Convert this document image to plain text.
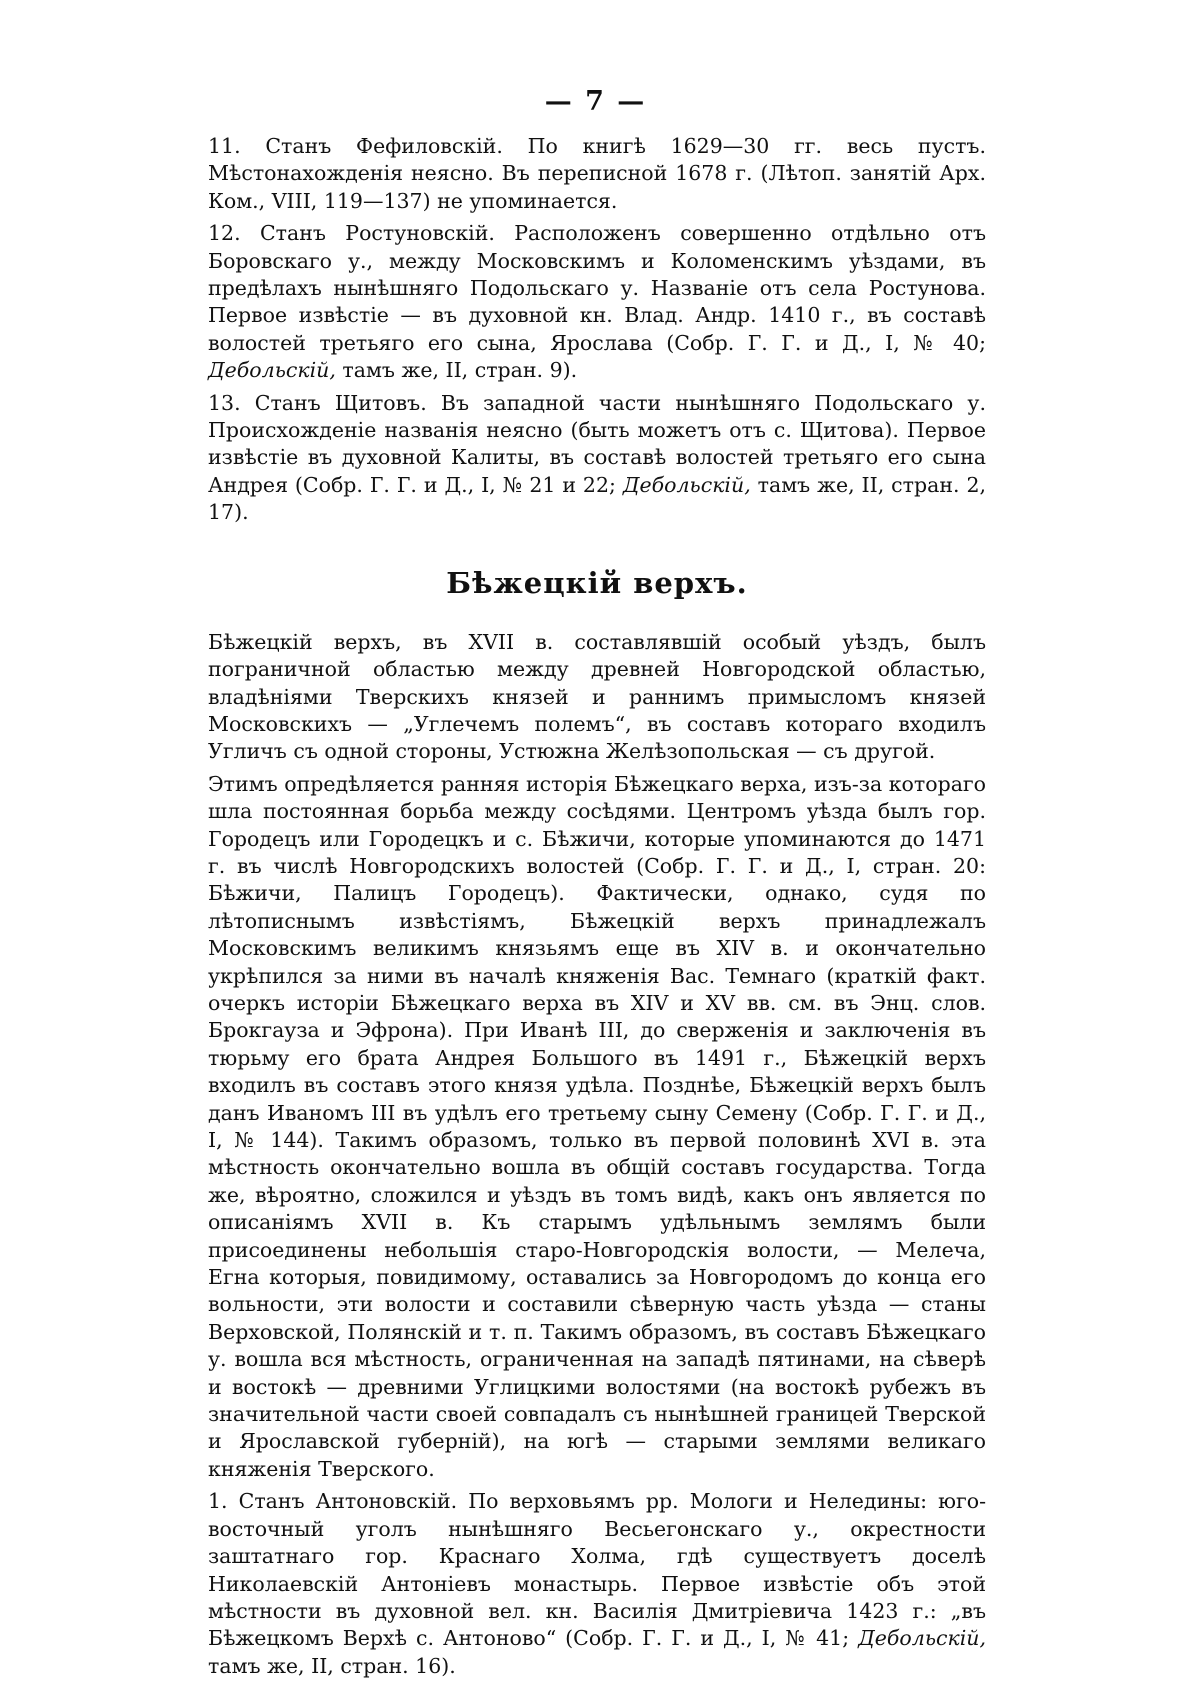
— 7 —

11. Станъ Фефиловскій. По книгѣ 1629—30 гг. весь пустъ. Мѣстонахожденія неясно. Въ переписной 1678 г. (Лѣтоп. занятій Арх. Ком., VIII, 119—137) не упоминается.

12. Станъ Ростуновскій. Расположенъ совершенно отдѣльно отъ Боровскаго у., между Московскимъ и Коломенскимъ уѣздами, въ предѣлахъ нынѣшняго Подольскаго у. Названіе отъ села Ростунова. Первое извѣстіе — въ духовной кн. Влад. Андр. 1410 г., въ составѣ волостей третьяго его сына, Ярослава (Собр. Г. Г. и Д., I, № 40; Дебольскій, тамъ же, II, стран. 9).

13. Станъ Щитовъ. Въ западной части нынѣшняго Подольскаго у. Происхожденіе названія неясно (быть можетъ отъ с. Щитова). Первое извѣстіе въ духовной Калиты, въ составѣ волостей третьяго его сына Андрея (Собр. Г. Г. и Д., I, № 21 и 22; Дебольскій, тамъ же, II, стран. 2, 17).

Бѣжецкій верхъ.

Бѣжецкій верхъ, въ XVII в. составлявшій особый уѣздъ, былъ пограничной областью между древней Новгородской областью, владѣніями Тверскихъ князей и раннимъ примысломъ князей Московскихъ — „Углечемъ полемъ“, въ составъ котораго входилъ Угличъ съ одной стороны, Устюжна Желѣзопольская — съ другой.

Этимъ опредѣляется ранняя исторія Бѣжецкаго верха, изъ-за котораго шла постоянная борьба между сосѣдями. Центромъ уѣзда былъ гор. Городецъ или Городецкъ и с. Бѣжичи, которые упоминаются до 1471 г. въ числѣ Новгородскихъ волостей (Собр. Г. Г. и Д., I, стран. 20: Бѣжичи, Палицъ Городецъ). Фактически, однако, судя по лѣтописнымъ извѣстіямъ, Бѣжецкій верхъ принадлежалъ Московскимъ великимъ князьямъ еще въ XIV в. и окончательно укрѣпился за ними въ началѣ княженія Вас. Темнаго (краткій факт. очеркъ исторіи Бѣжецкаго верха въ XIV и XV вв. см. въ Энц. слов. Брокгауза и Эфрона). При Иванѣ III, до сверженія и заключенія въ тюрьму его брата Андрея Большого въ 1491 г., Бѣжецкій верхъ входилъ въ составъ этого князя удѣла. Позднѣе, Бѣжецкій верхъ былъ данъ Иваномъ III въ удѣлъ его третьему сыну Семену (Собр. Г. Г. и Д., I, № 144). Такимъ образомъ, только въ первой половинѣ XVI в. эта мѣстность окончательно вошла въ общій составъ государства. Тогда же, вѣроятно, сложился и уѣздъ въ томъ видѣ, какъ онъ является по описаніямъ XVII в. Къ старымъ удѣльнымъ землямъ были присоединены небольшія старо-Новгородскія волости, — Мелеча, Егна которыя, повидимому, оставались за Новгородомъ до конца его вольности, эти волости и составили сѣверную часть уѣзда — станы Верховской, Полянскій и т. п. Такимъ образомъ, въ составъ Бѣжецкаго у. вошла вся мѣстность, ограниченная на западѣ пятинами, на сѣверѣ и востокѣ — древними Углицкими волостями (на востокѣ рубежъ въ значительной части своей совпадалъ съ нынѣшней границей Тверской и Ярославской губерній), на югѣ — старыми землями великаго княженія Тверского.

1. Станъ Антоновскій. По верховьямъ рр. Мологи и Неледины: юго-восточный уголъ нынѣшняго Весьегонскаго у., окрестности заштатнаго гор. Краснаго Холма, гдѣ существуетъ доселѣ Николаевскій Антоніевъ монастырь. Первое извѣстіе объ этой мѣстности въ духовной вел. кн. Василія Дмитріевича 1423 г.: „въ Бѣжецкомъ Верхѣ с. Антоново“ (Собр. Г. Г. и Д., I, № 41; Дебольскій, тамъ же, II, стран. 16).
